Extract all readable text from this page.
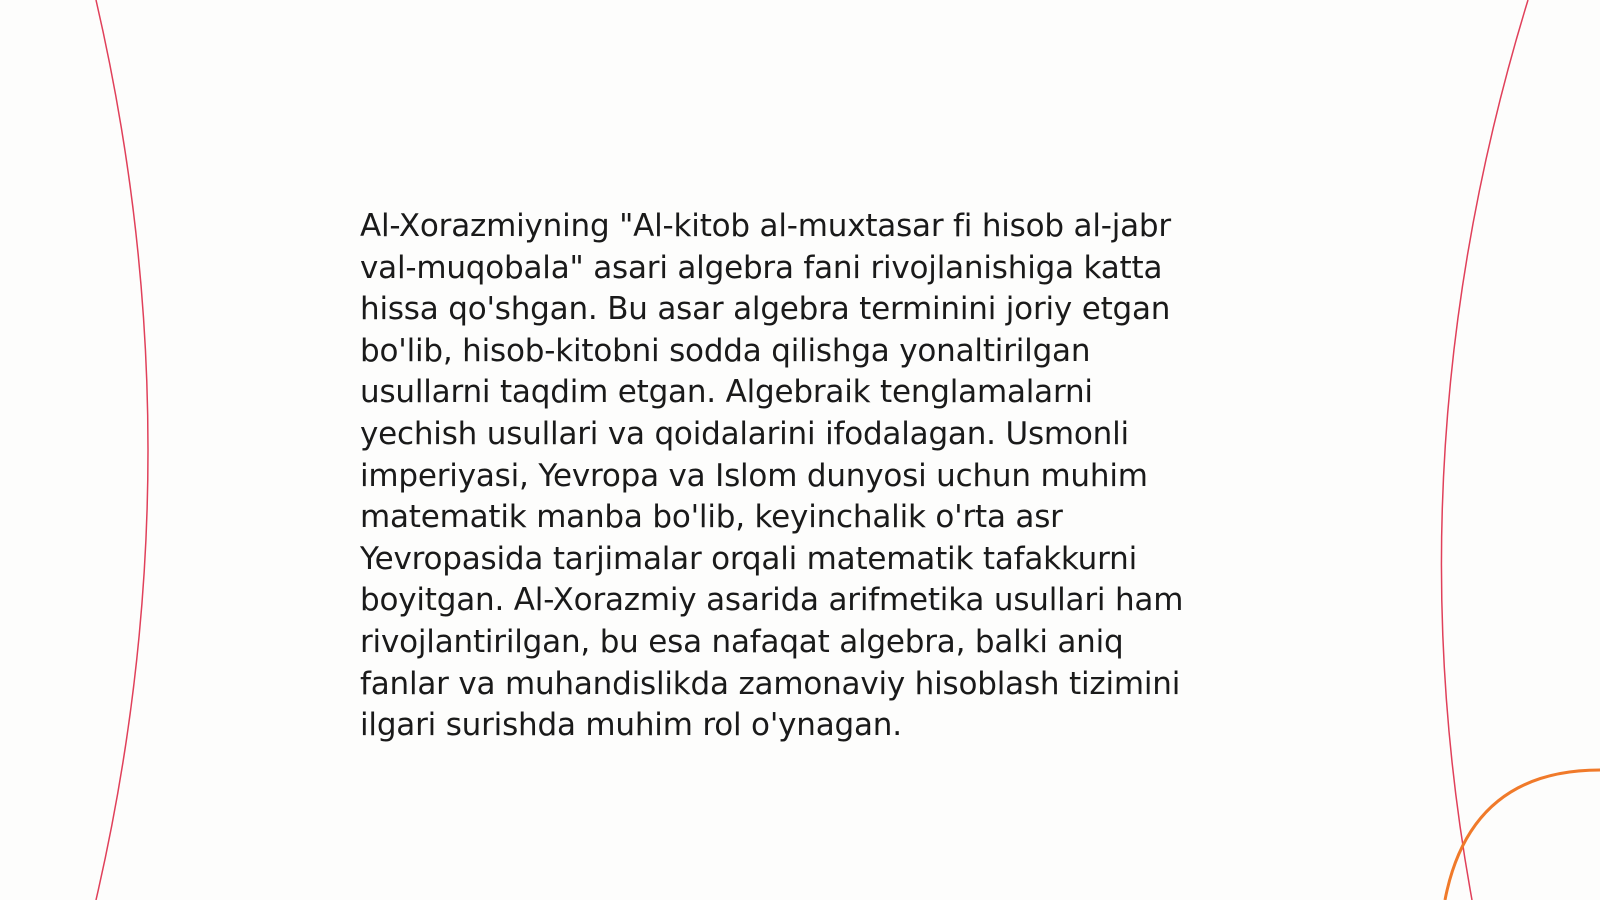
Al-Xorazmiyning "Al-kitob al-muxtasar fi hisob al-jabr
val-muqobala" asari algebra fani rivojlanishiga katta
hissa qo'shgan. Bu asar algebra terminini joriy etgan
bo'lib, hisob-kitobni sodda qilishga yonaltirilgan
usullarni taqdim etgan. Algebraik tenglamalarni
yechish usullari va qoidalarini ifodalagan. Usmonli
imperiyasi, Yevropa va Islom dunyosi uchun muhim
matematik manba bo'lib, keyinchalik o'rta asr
Yevropasida tarjimalar orqali matematik tafakkurni
boyitgan. Al-Xorazmiy asarida arifmetika usullari ham
rivojlantirilgan, bu esa nafaqat algebra, balki aniq
fanlar va muhandislikda zamonaviy hisoblash tizimini
ilgari surishda muhim rol o'ynagan.
